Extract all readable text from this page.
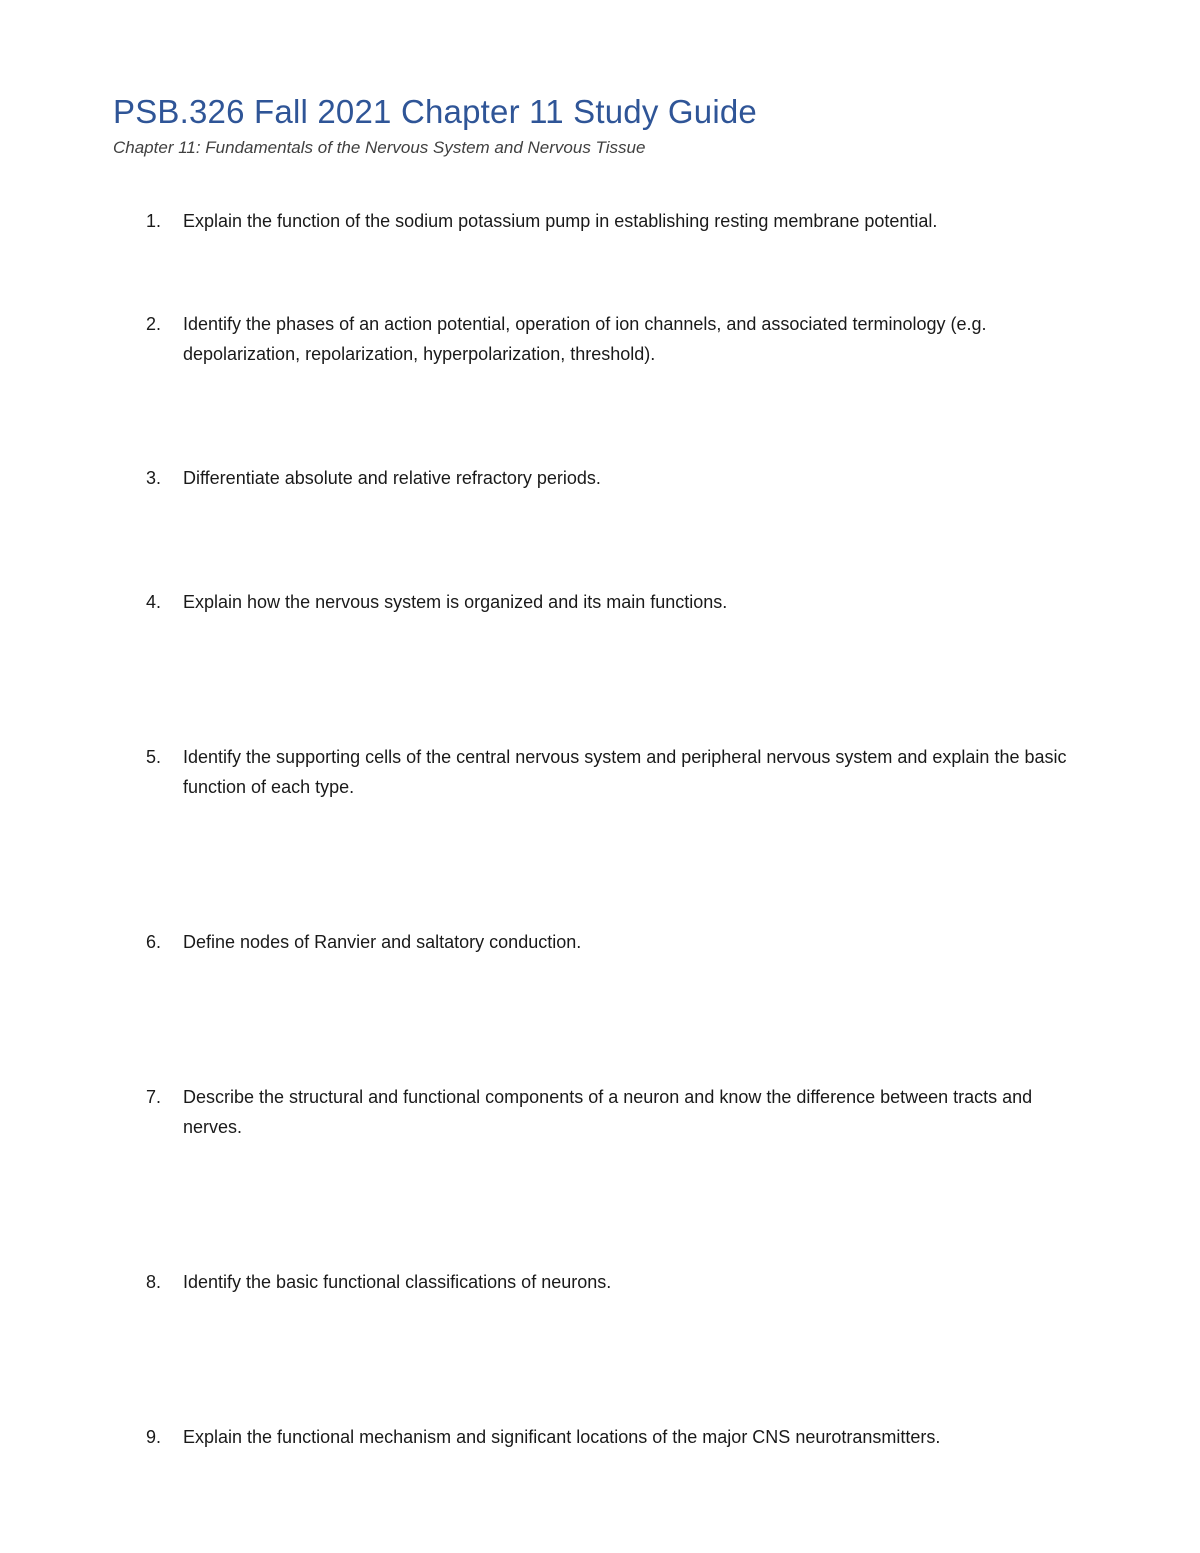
PSB.326 Fall 2021 Chapter 11 Study Guide
Chapter 11: Fundamentals of the Nervous System and Nervous Tissue
1.	Explain the function of the sodium potassium pump in establishing resting membrane potential.
2.	Identify the phases of an action potential, operation of ion channels, and associated terminology (e.g. depolarization, repolarization, hyperpolarization, threshold).
3.	Differentiate absolute and relative refractory periods.
4.	Explain how the nervous system is organized and its main functions.
5.	Identify the supporting cells of the central nervous system and peripheral nervous system and explain the basic function of each type.
6.	Define nodes of Ranvier and saltatory conduction.
7.	Describe the structural and functional components of a neuron and know the difference between tracts and nerves.
8.	Identify the basic functional classifications of neurons.
9.	Explain the functional mechanism and significant locations of the major CNS neurotransmitters.
